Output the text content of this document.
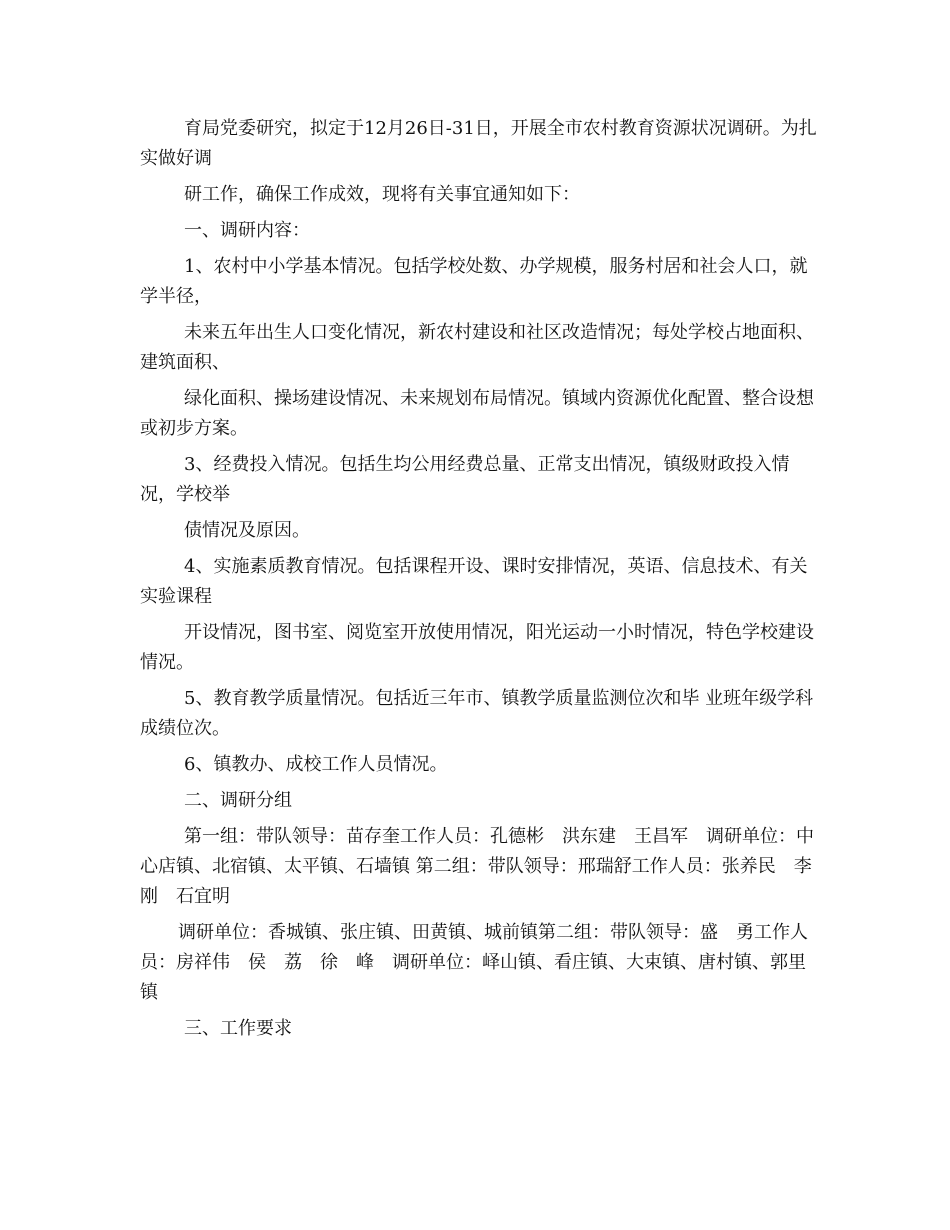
育局党委研究，拟定于12月26日-31日，开展全市农村教育资源状况调研。为扎实做好调

研工作，确保工作成效，现将有关事宜通知如下：

一、调研内容：

1、农村中小学基本情况。包括学校处数、办学规模，服务村居和社会人口，就学半径，

未来五年出生人口变化情况，新农村建设和社区改造情况；每处学校占地面积、建筑面积、

绿化面积、操场建设情况、未来规划布局情况。镇域内资源优化配置、整合设想或初步方案。

3、经费投入情况。包括生均公用经费总量、正常支出情况，镇级财政投入情况，学校举

债情况及原因。

4、实施素质教育情况。包括课程开设、课时安排情况，英语、信息技术、有关实验课程

开设情况，图书室、阅览室开放使用情况，阳光运动一小时情况，特色学校建设情况。

5、教育教学质量情况。包括近三年市、镇教学质量监测位次和毕 业班年级学科成绩位次。

6、镇教办、成校工作人员情况。

二、调研分组

第一组：带队领导：苗存奎工作人员：孔德彬　洪东建　王昌军　调研单位：中心店镇、北宿镇、太平镇、石墙镇 第二组：带队领导：邢瑞舒工作人员：张养民　李　刚　石宜明

调研单位：香城镇、张庄镇、田黄镇、城前镇第二组：带队领导：盛　勇工作人员：房祥伟　侯　荔　徐　峰　调研单位：峄山镇、看庄镇、大束镇、唐村镇、郭里镇

三、工作要求
